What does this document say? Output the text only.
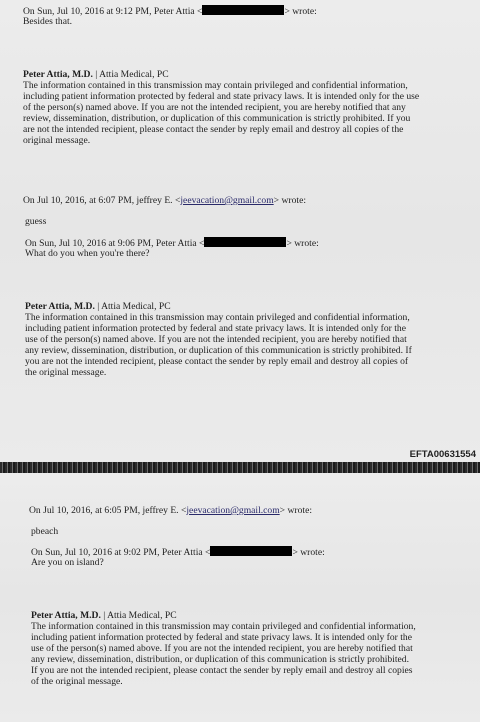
On Sun, Jul 10, 2016 at 9:12 PM, Peter Attia <	> wrote:
Besides that.
Peter Attia, M.D. | Attia Medical, PC
The information contained in this transmission may contain privileged and confidential information,
including patient information protected by federal and state privacy laws. It is intended only for the use
of the person(s) named above. If you are not the intended recipient, you are hereby notified that any
review, dissemination, distribution, or duplication of this communication is strictly prohibited. If you
are not the intended recipient, please contact the sender by reply email and destroy all copies of the
original message.
On Jul 10, 2016, at 6:07 PM, jeffrey E. <jeevacation@gmail.com> wrote:
guess
On Sun, Jul 10, 2016 at 9:06 PM, Peter Attia <	> wrote:
What do you when you're there?
Peter Attia, M.D. | Attia Medical, PC
The information contained in this transmission may contain privileged and confidential information,
including patient information protected by federal and state privacy laws. It is intended only for the
use of the person(s) named above. If you are not the intended recipient, you are hereby notified that
any review, dissemination, distribution, or duplication of this communication is strictly prohibited. If
you are not the intended recipient, please contact the sender by reply email and destroy all copies of
the original message.
EFTA00631554
On Jul 10, 2016, at 6:05 PM, jeffrey E. <jeevacation@gmail.com> wrote:
pbeach
On Sun, Jul 10, 2016 at 9:02 PM, Peter Attia <	> wrote:
Are you on island?
Peter Attia, M.D. | Attia Medical, PC
The information contained in this transmission may contain privileged and confidential information,
including patient information protected by federal and state privacy laws. It is intended only for the
use of the person(s) named above. If you are not the intended recipient, you are hereby notified that
any review, dissemination, distribution, or duplication of this communication is strictly prohibited.
If you are not the intended recipient, please contact the sender by reply email and destroy all copies
of the original message.
